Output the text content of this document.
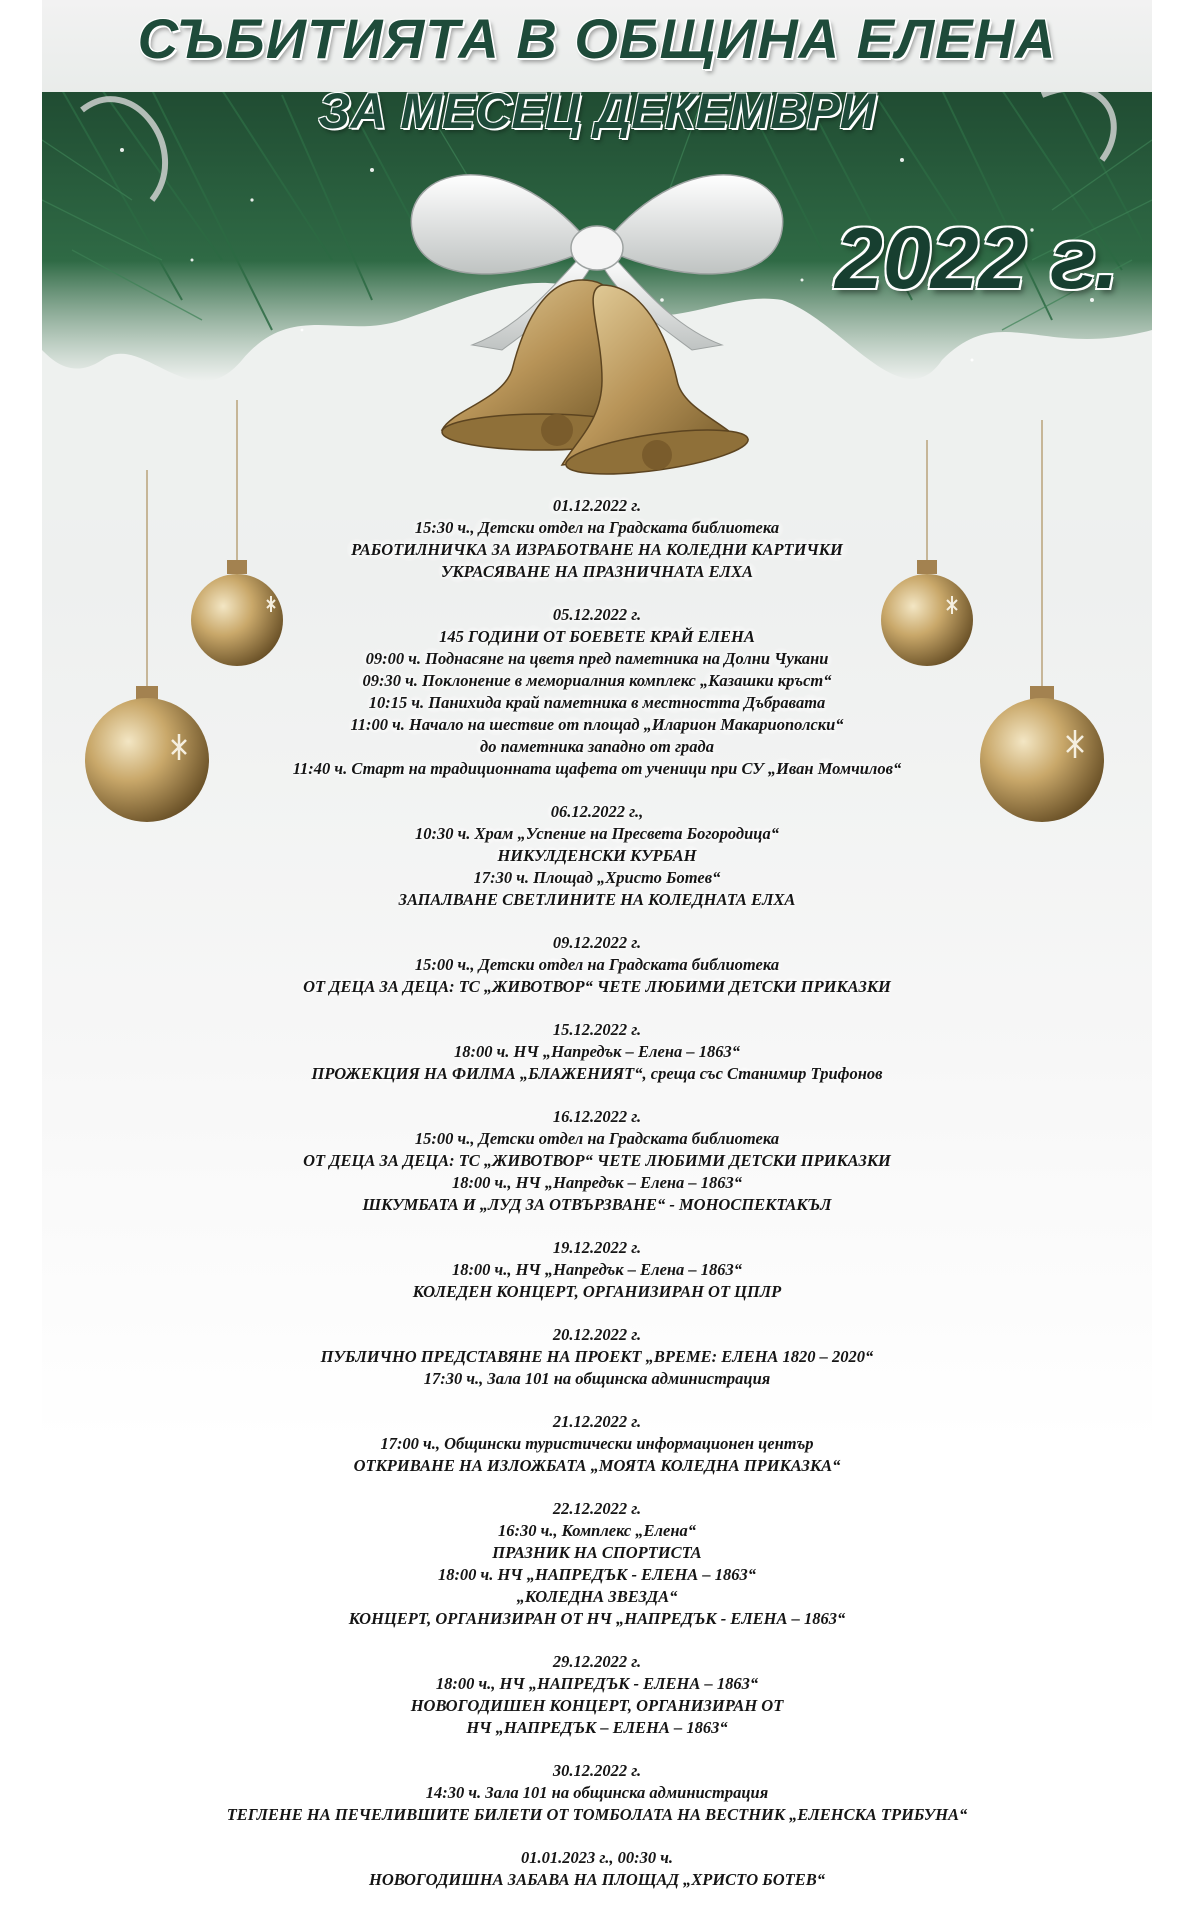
СЪБИТИЯТА В ОБЩИНА ЕЛЕНА
ЗА МЕСЕЦ ДЕКЕМВРИ
2022 г.
01.12.2022 г.
15:30 ч., Детски отдел на Градската библиотека
РАБОТИЛНИЧКА ЗА ИЗРАБОТВАНЕ НА КОЛЕДНИ КАРТИЧКИ
УКРАСЯВАНЕ НА ПРАЗНИЧНАТА ЕЛХА
05.12.2022 г.
145 ГОДИНИ ОТ БОЕВЕТЕ КРАЙ ЕЛЕНА
09:00 ч. Поднасяне на цветя пред паметника на Долни Чукани
09:30 ч. Поклонение в мемориалния комплекс „Казашки кръст“
10:15 ч. Панихида край паметника в местността Дъбравата
11:00 ч. Начало на шествие от площад „Иларион Макариополски“
до паметника западно от града
11:40 ч. Старт на традиционната щафета от ученици при СУ „Иван Момчилов“
06.12.2022 г.,
10:30 ч. Храм „Успение на Пресвета Богородица“
НИКУЛДЕНСКИ КУРБАН
17:30 ч. Площад „Христо Ботев“
ЗАПАЛВАНЕ СВЕТЛИНИТЕ НА КОЛЕДНАТА ЕЛХА
09.12.2022 г.
15:00 ч., Детски отдел на Градската библиотека
ОТ ДЕЦА ЗА ДЕЦА: ТС „ЖИВОТВОР“ ЧЕТЕ ЛЮБИМИ ДЕТСКИ ПРИКАЗКИ
15.12.2022 г.
18:00 ч. НЧ „Напредък – Елена – 1863“
ПРОЖЕКЦИЯ НА ФИЛМА „БЛАЖЕНИЯТ“, среща със Станимир Трифонов
16.12.2022 г.
15:00 ч., Детски отдел на Градската библиотека
ОТ ДЕЦА ЗА ДЕЦА: ТС „ЖИВОТВОР“ ЧЕТЕ ЛЮБИМИ ДЕТСКИ ПРИКАЗКИ
18:00 ч., НЧ „Напредък – Елена – 1863“
ШКУМБАТА И „ЛУД ЗА ОТВЪРЗВАНЕ“ - МОНОСПЕКТАКЪЛ
19.12.2022 г.
18:00 ч., НЧ „Напредък – Елена – 1863“
КОЛЕДЕН КОНЦЕРТ, ОРГАНИЗИРАН ОТ ЦПЛР
20.12.2022 г.
ПУБЛИЧНО ПРЕДСТАВЯНЕ НА ПРОЕКТ „ВРЕМЕ: ЕЛЕНА 1820 – 2020“
17:30 ч., Зала 101 на общинска администрация
21.12.2022 г.
17:00 ч., Общински туристически информационен център
ОТКРИВАНЕ НА ИЗЛОЖБАТА „МОЯТА КОЛЕДНА ПРИКАЗКА“
22.12.2022 г.
16:30 ч., Комплекс „Елена“
ПРАЗНИК НА СПОРТИСТА
18:00 ч. НЧ „НАПРЕДЪК - ЕЛЕНА – 1863“
„КОЛЕДНА ЗВЕЗДА“
КОНЦЕРТ, ОРГАНИЗИРАН ОТ НЧ „НАПРЕДЪК - ЕЛЕНА – 1863“
29.12.2022 г.
18:00 ч., НЧ „НАПРЕДЪК - ЕЛЕНА – 1863“
НОВОГОДИШЕН КОНЦЕРТ, ОРГАНИЗИРАН ОТ
НЧ „НАПРЕДЪК – ЕЛЕНА – 1863“
30.12.2022 г.
14:30 ч. Зала 101 на общинска администрация
ТЕГЛЕНЕ НА ПЕЧЕЛИВШИТЕ БИЛЕТИ ОТ ТОМБОЛАТА НА ВЕСТНИК „ЕЛЕНСКА ТРИБУНА“
01.01.2023 г., 00:30 ч.
НОВОГОДИШНА ЗАБАВА НА ПЛОЩАД „ХРИСТО БОТЕВ“
